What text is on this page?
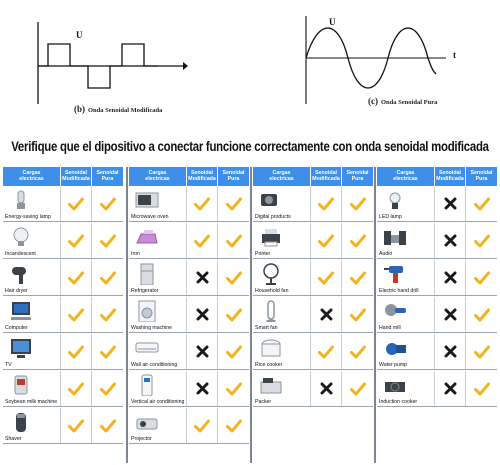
U
(b) Onda Senoidal Modificada
U
t
(c) Onda Senoidal Pura
Verifique que el dipositivo a conectar funcione correctamente con onda senoidal modificada
Cargas
electricas
Senoidal
Modificada
Senoidal
Pura
Energy-saving lamp
Incandescent
Hair dryer
Computer
TV
Soybean milk machine
Shaver
Cargas
electricas
Senoidal
Modificada
Senoidal
Pura
Microwave oven
Iron
Refrigerator
Washing machine
Wall air conditioning
Vertical air conditioning
Projector
Cargas
electricas
Senoidal
Modificada
Senoidal
Pura
Digital products
Printer
Household fan
Smart fan
Rice cooker
Packer
Cargas
electricas
Senoidal
Modificada
Senoidal
Pura
LED lamp
Audio
Electric hand drill
Hand mill
Water pump
Induction cooker
